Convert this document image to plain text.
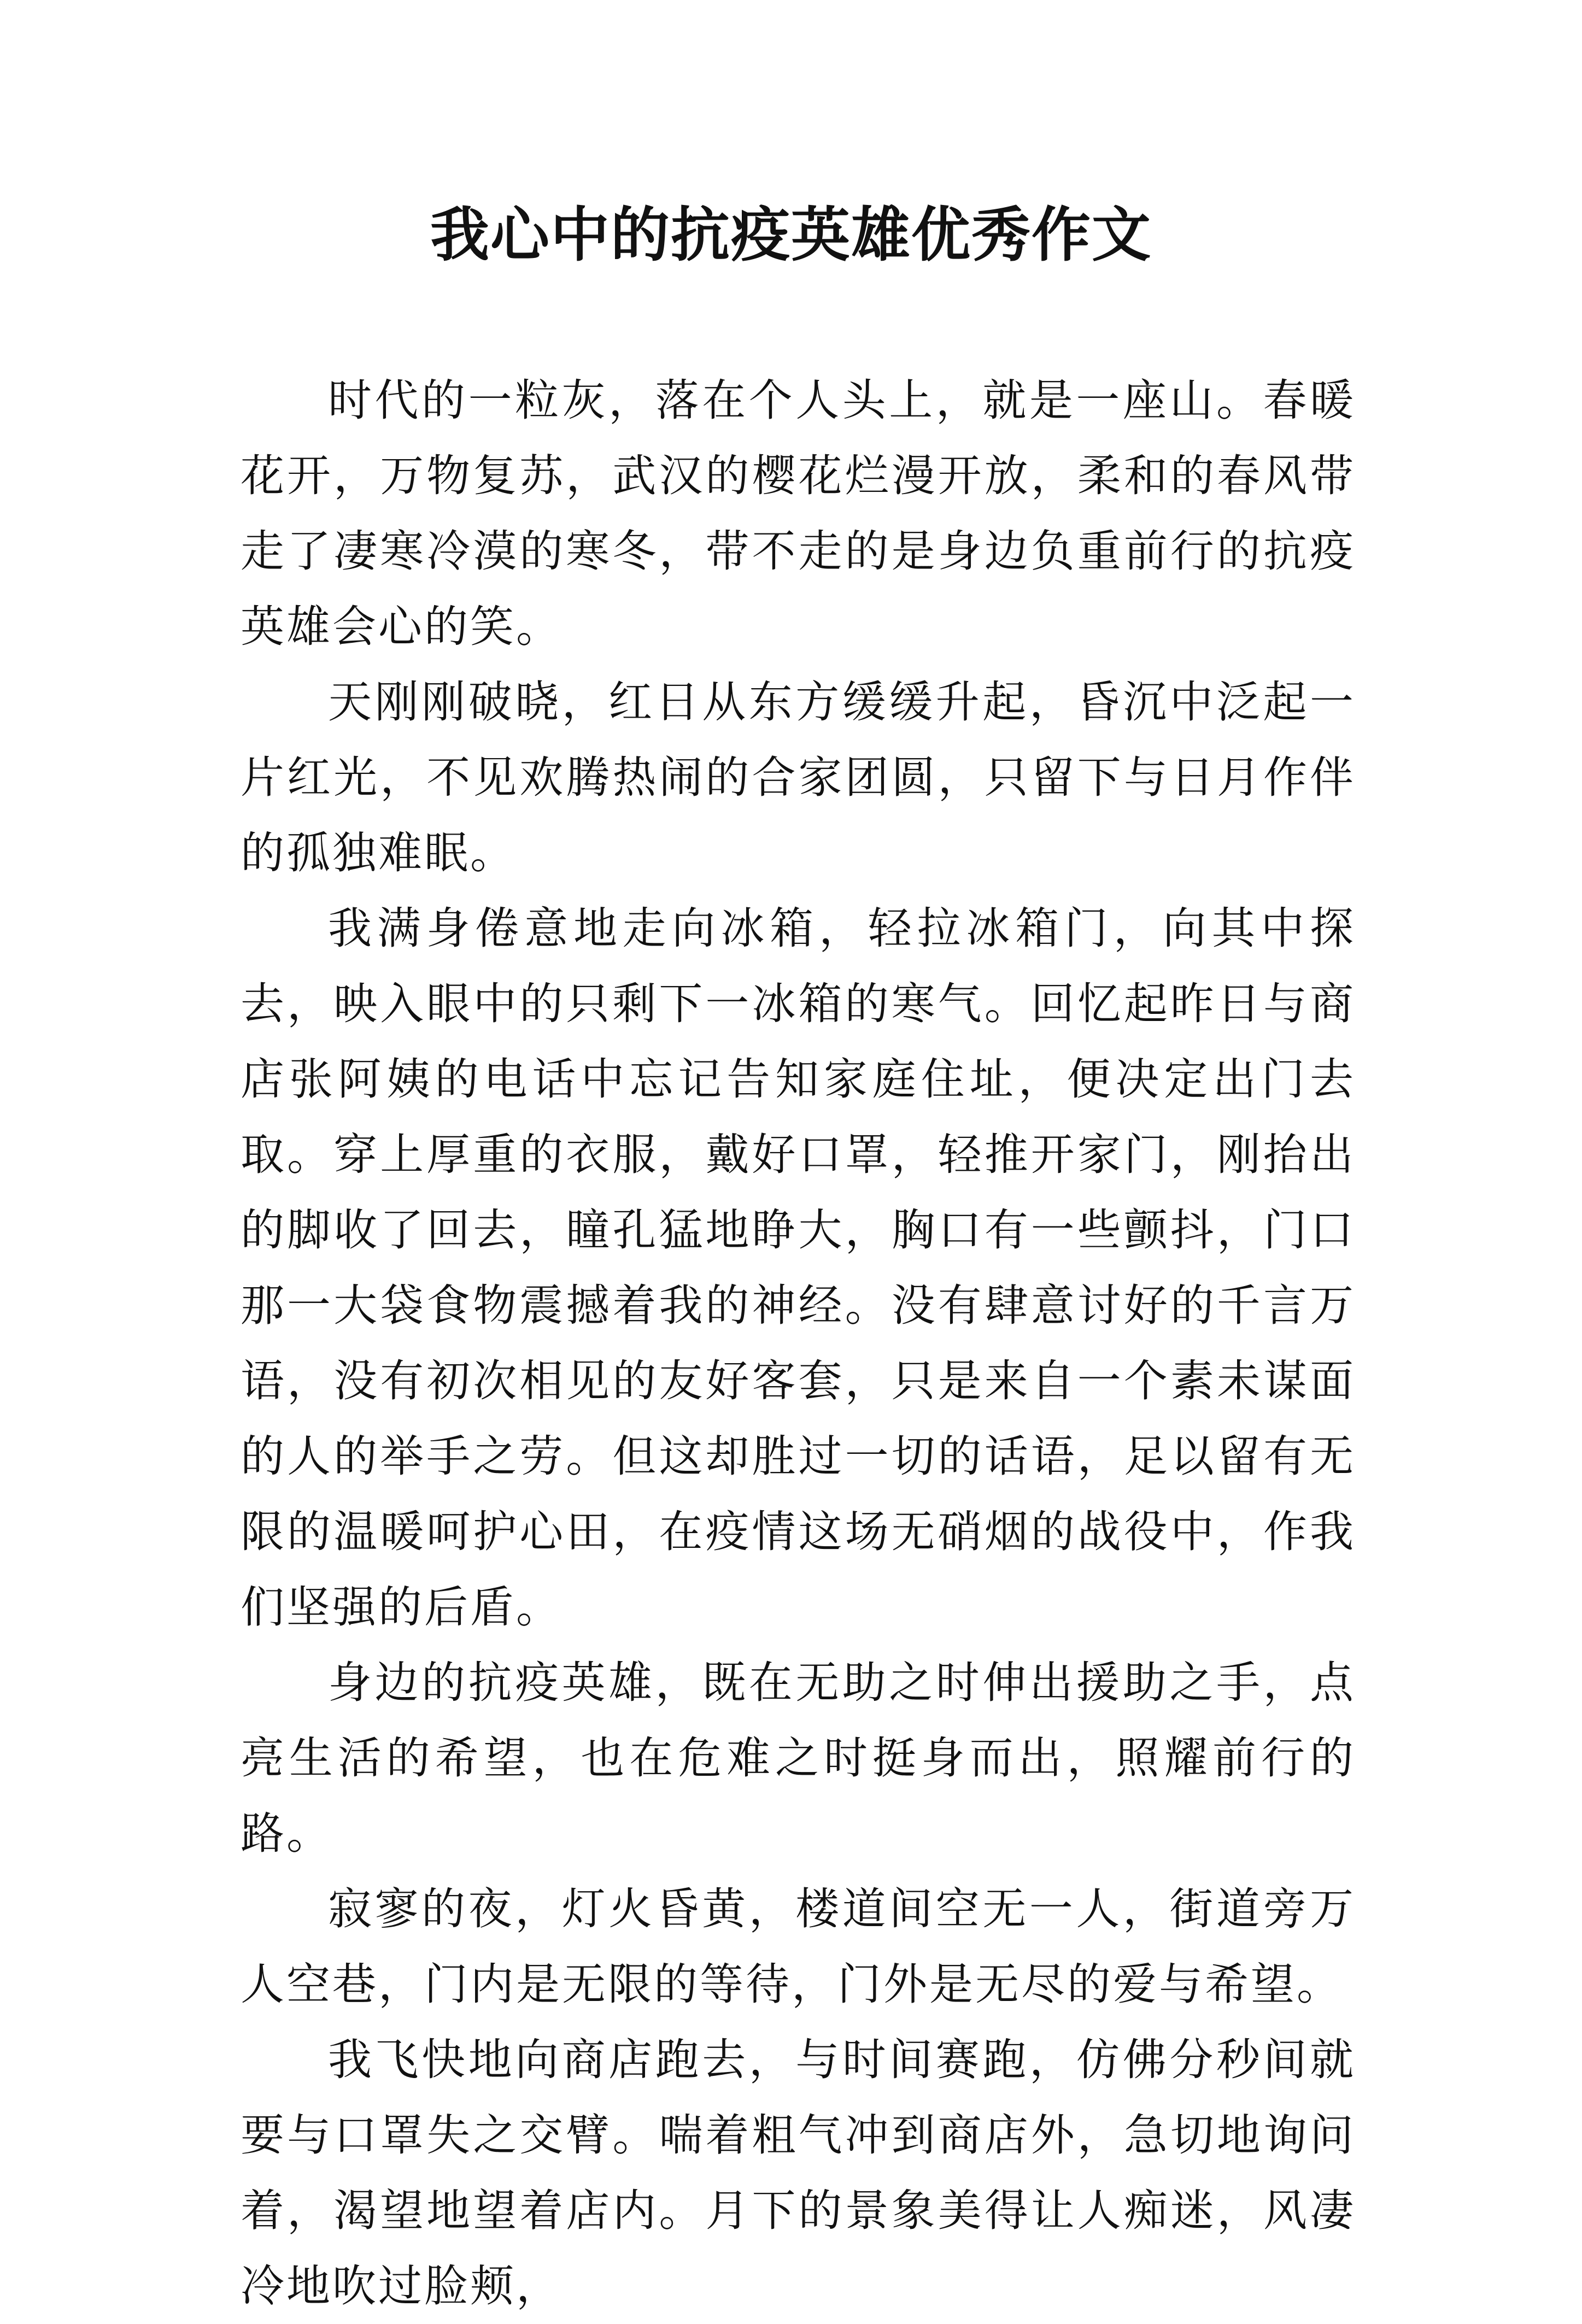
我心中的抗疫英雄优秀作文

时代的一粒灰，落在个人头上，就是一座山。春暖花开，万物复苏，武汉的樱花烂漫开放，柔和的春风带走了凄寒冷漠的寒冬，带不走的是身边负重前行的抗疫英雄会心的笑。

天刚刚破晓，红日从东方缓缓升起，昏沉中泛起一片红光，不见欢腾热闹的合家团圆，只留下与日月作伴的孤独难眠。

我满身倦意地走向冰箱，轻拉冰箱门，向其中探去，映入眼中的只剩下一冰箱的寒气。回忆起昨日与商店张阿姨的电话中忘记告知家庭住址，便决定出门去取。穿上厚重的衣服，戴好口罩，轻推开家门，刚抬出的脚收了回去，瞳孔猛地睁大，胸口有一些颤抖，门口那一大袋食物震撼着我的神经。没有肆意讨好的千言万语，没有初次相见的友好客套，只是来自一个素未谋面的人的举手之劳。但这却胜过一切的话语，足以留有无限的温暖呵护心田，在疫情这场无硝烟的战役中，作我们坚强的后盾。

身边的抗疫英雄，既在无助之时伸出援助之手，点亮生活的希望，也在危难之时挺身而出，照耀前行的路。

寂寥的夜，灯火昏黄，楼道间空无一人，街道旁万人空巷，门内是无限的等待，门外是无尽的爱与希望。

我飞快地向商店跑去，与时间赛跑，仿佛分秒间就要与口罩失之交臂。喘着粗气冲到商店外，急切地询问着，渴望地望着店内。月下的景象美得让人痴迷，风凄冷地吹过脸颊，
